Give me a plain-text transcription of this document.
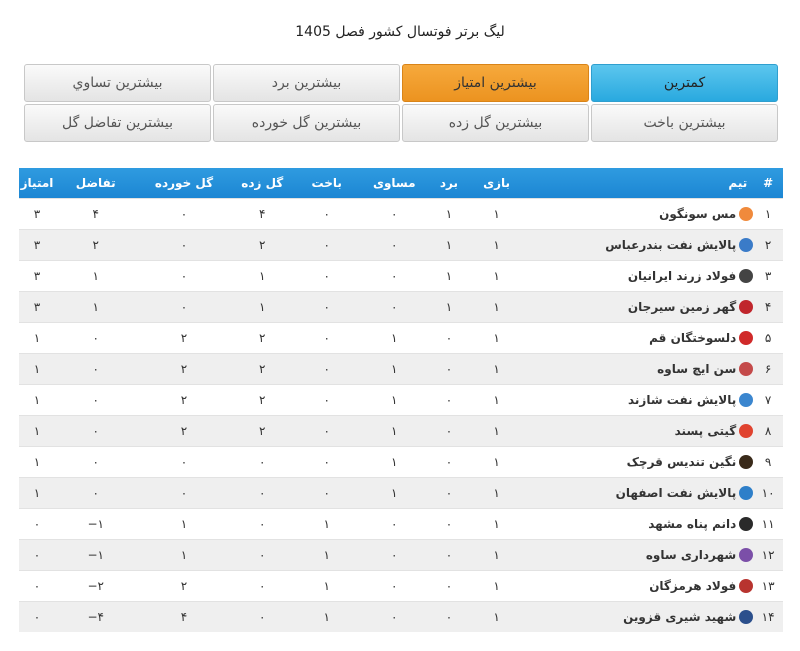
لیگ برتر فوتسال کشور فصل 1405
کمترین
بیشترین امتیاز
بیشترین برد
بیشترین تساوي
بیشترین باخت
بیشترین گل زده
بیشترین گل خورده
بیشترین تفاضل گل
#	تیم	بازی	برد	مساوی	باخت	گل زده	گل خورده	تفاضل	امتیاز
۱	مس سونگون	۱	۱	۰	۰	۴	۰	۴	۳
۲	پالایش نفت بندرعباس	۱	۱	۰	۰	۲	۰	۲	۳
۳	فولاد زرند ایرانیان	۱	۱	۰	۰	۱	۰	۱	۳
۴	گهر زمین سیرجان	۱	۱	۰	۰	۱	۰	۱	۳
۵	دلسوختگان قم	۱	۰	۱	۰	۲	۲	۰	۱
۶	سن ایچ ساوه	۱	۰	۱	۰	۲	۲	۰	۱
۷	پالایش نفت شازند	۱	۰	۱	۰	۲	۲	۰	۱
۸	گیتی پسند	۱	۰	۱	۰	۲	۲	۰	۱
۹	نگین تندیس قرچک	۱	۰	۱	۰	۰	۰	۰	۱
۱۰	پالایش نفت اصفهان	۱	۰	۱	۰	۰	۰	۰	۱
۱۱	دانم پناه مشهد	۱	۰	۰	۱	۰	۱	۱−	۰
۱۲	شهرداری ساوه	۱	۰	۰	۱	۰	۱	۱−	۰
۱۳	فولاد هرمزگان	۱	۰	۰	۱	۰	۲	۲−	۰
۱۴	شهید شیری قزوین	۱	۰	۰	۱	۰	۴	۴−	۰
